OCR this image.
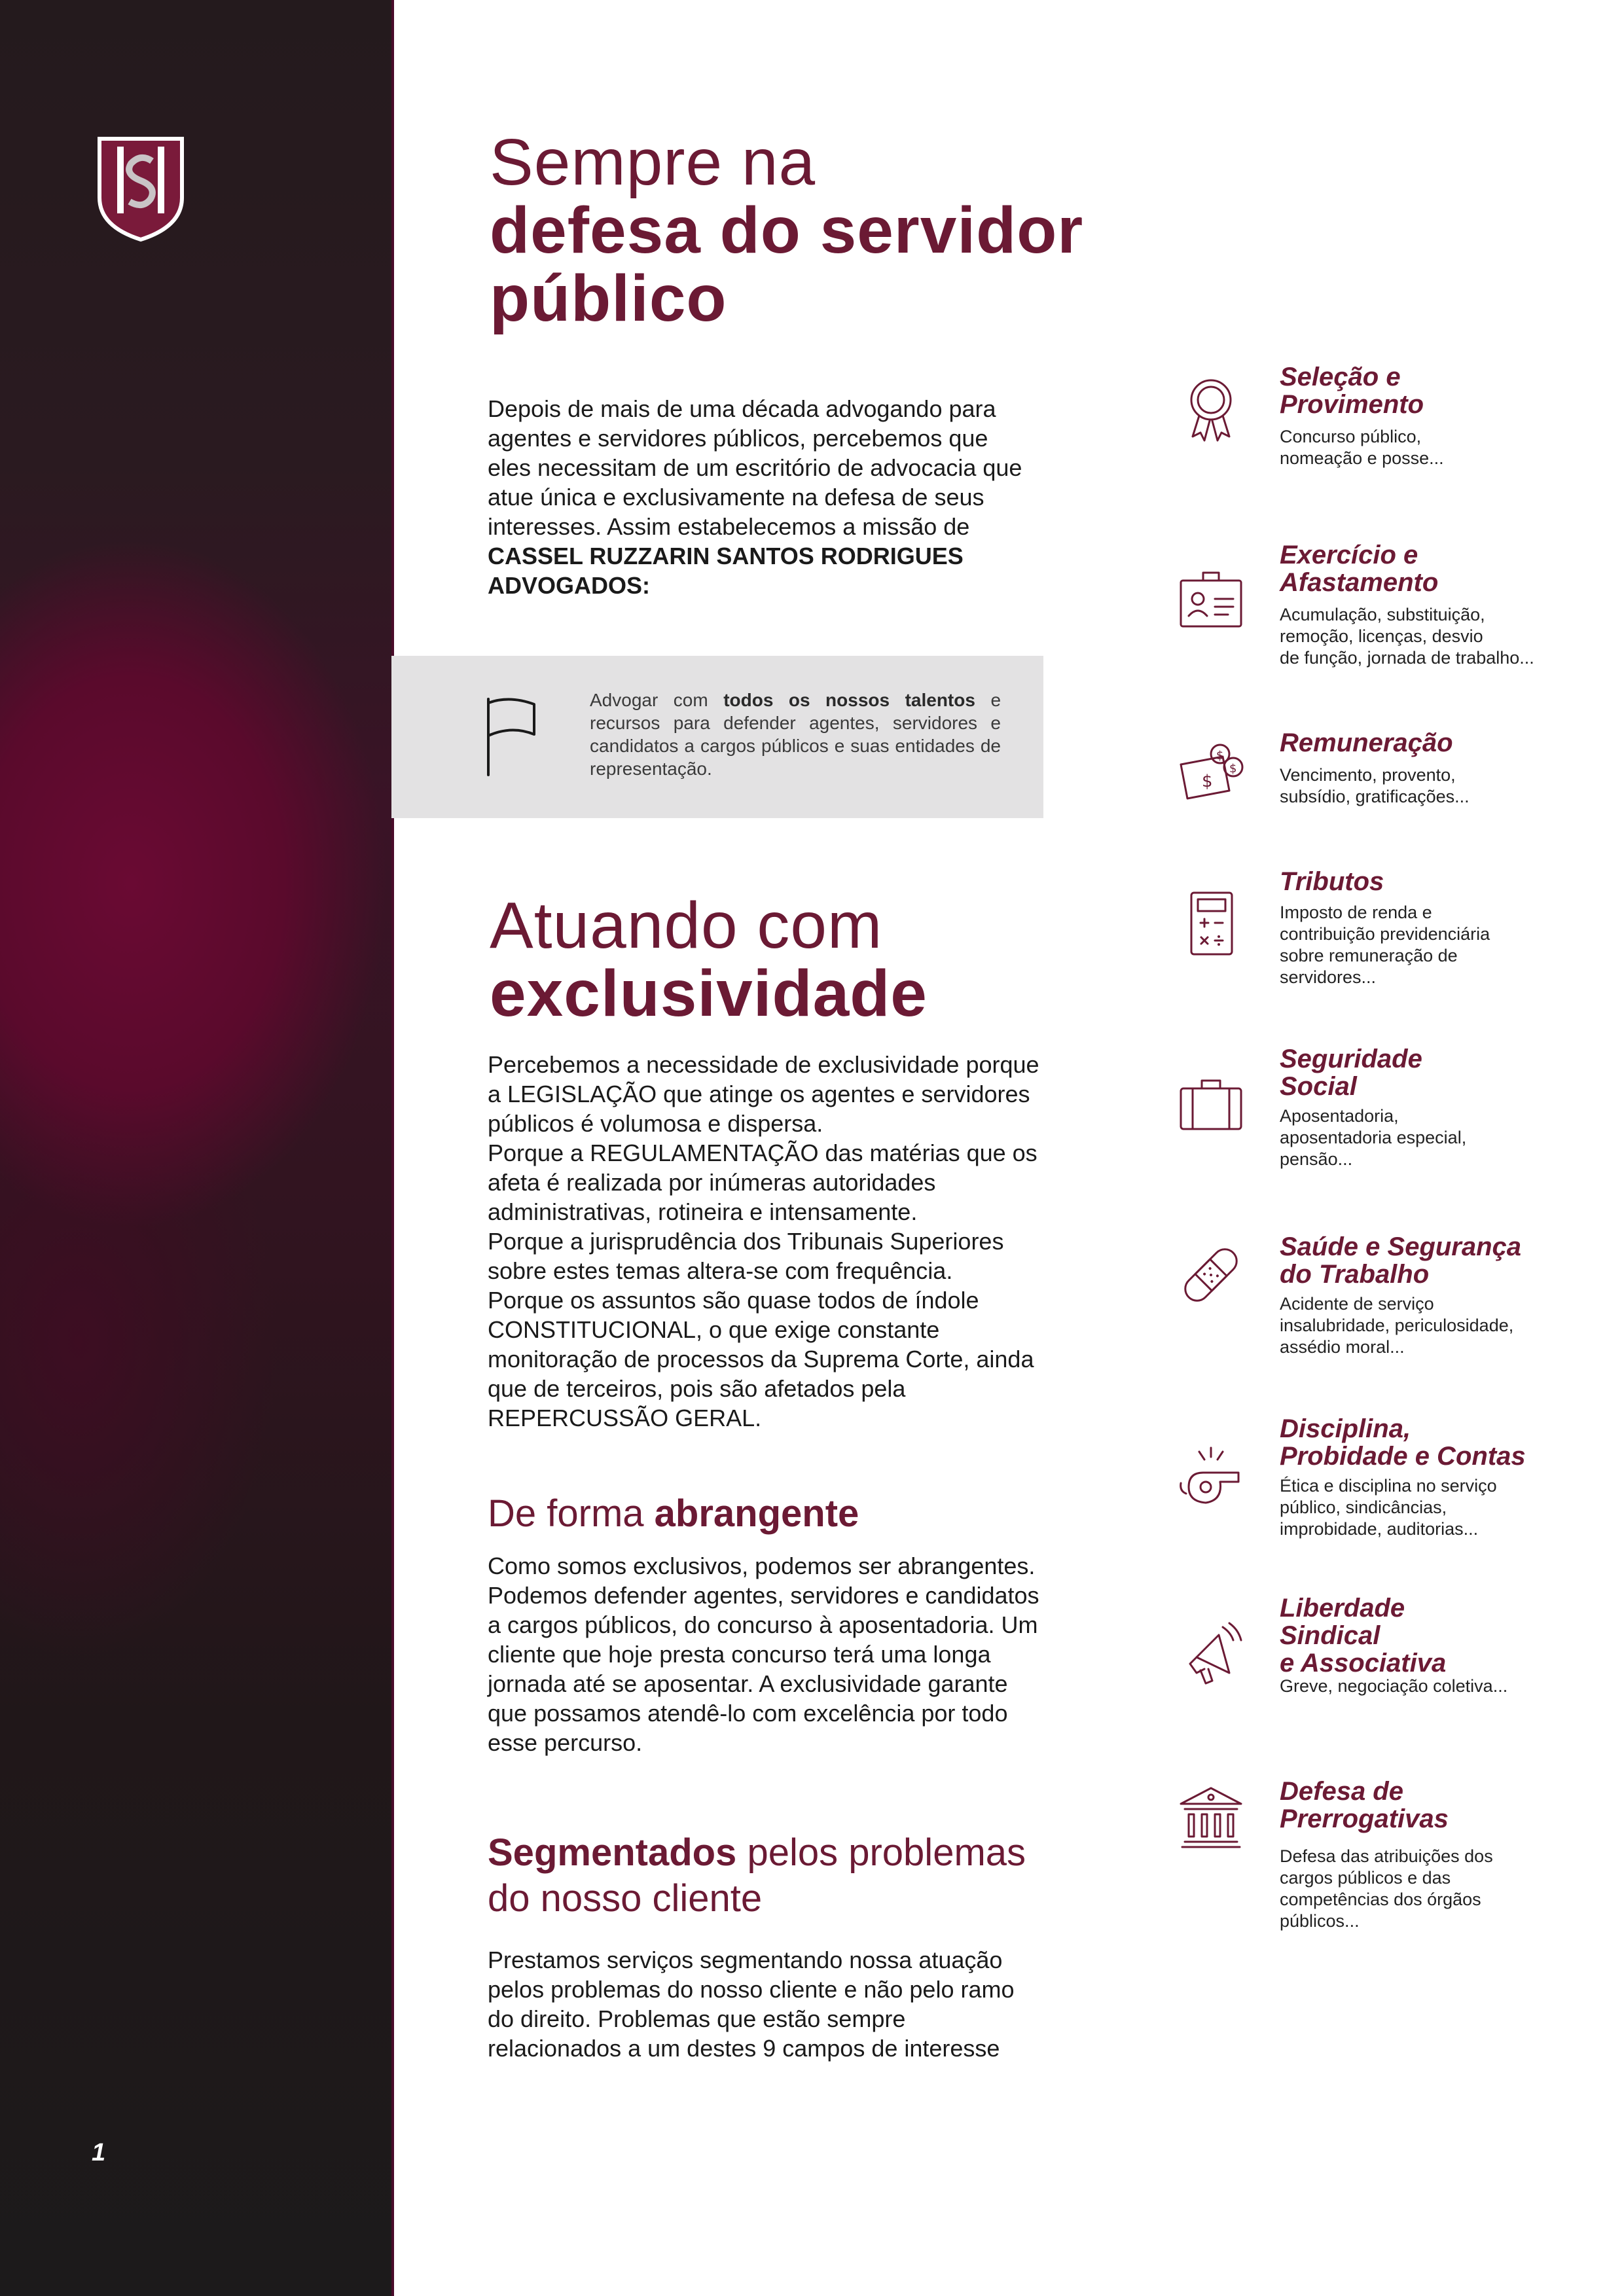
1
Sempre na
defesa do servidor
público

Depois de mais de uma década advogando para

agentes e servidores públicos, percebemos que

eles necessitam de um escritório de advocacia que

atue única e exclusivamente na defesa de seus

interesses. Assim estabelecemos a missão de

CASSEL RUZZARIN SANTOS RODRIGUES

ADVOGADOS:

Advogar com todos os nossos talentos e recursos para defender agentes, servidores e candidatos a cargos públicos e suas entidades de representação.

Atuando com
exclusividade

Percebemos a necessidade de exclusividade porque

a LEGISLAÇÃO que atinge os agentes e servidores

públicos é volumosa e dispersa.

Porque a REGULAMENTAÇÃO das matérias que os

afeta é realizada por inúmeras autoridades

administrativas, rotineira e intensamente.

Porque a jurisprudência dos Tribunais Superiores

sobre estes temas altera-se com frequência.

Porque os assuntos são quase todos de índole

CONSTITUCIONAL, o que exige constante

monitoração de processos da Suprema Corte, ainda

que de terceiros, pois são afetados pela

REPERCUSSÃO GERAL.

De forma abrangente

Como somos exclusivos, podemos ser abrangentes.

Podemos defender agentes, servidores e candidatos

a cargos públicos, do concurso à aposentadoria. Um

cliente que hoje presta concurso terá uma longa

jornada até se aposentar. A exclusividade garante

que possamos atendê-lo com excelência por todo

esse percurso.

Segmentados pelos problemas
do nosso cliente

Prestamos serviços segmentando nossa atuação

pelos problemas do nosso cliente e não pelo ramo

do direito. Problemas que estão sempre

relacionados a um destes 9 campos de interesse

Seleção e
Provimento
Concurso público,
nomeação e posse...
Exercício e
Afastamento
Acumulação, substituição,
remoção, licenças, desvio
de função, jornada de trabalho...
$
$
$
Remuneração
Vencimento, provento,
subsídio, gratificações...
Tributos
Imposto de renda e
contribuição previdenciária
sobre remuneração de
servidores...
Seguridade
Social
Aposentadoria,
aposentadoria especial,
pensão...
Saúde e Segurança
do Trabalho
Acidente de serviço
insalubridade, periculosidade,
assédio moral...
Disciplina,
Probidade e Contas
Ética e disciplina no serviço
público, sindicâncias,
improbidade, auditorias...
Liberdade
Sindical
e Associativa
Greve, negociação coletiva...
Defesa de
Prerrogativas
Defesa das atribuições dos
cargos públicos e das
competências dos órgãos
públicos...
